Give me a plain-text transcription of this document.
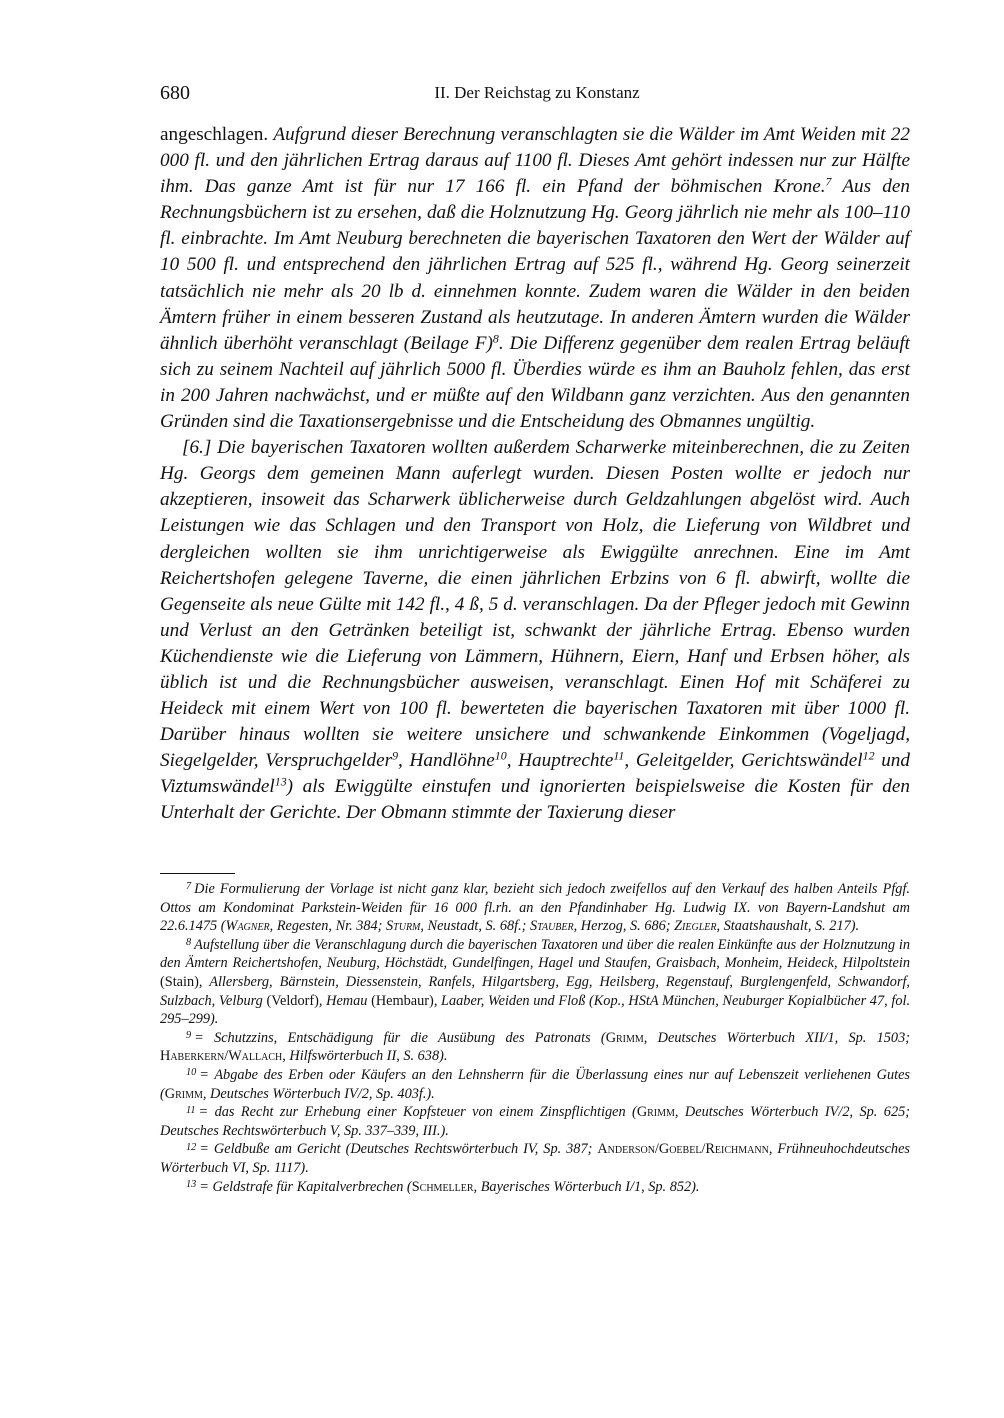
680	II. Der Reichstag zu Konstanz

angeschlagen. Aufgrund dieser Berechnung veranschlagten sie die Wälder im Amt Weiden mit 22 000 fl. und den jährlichen Ertrag daraus auf 1100 fl. Dieses Amt gehört indessen nur zur Hälfte ihm. Das ganze Amt ist für nur 17 166 fl. ein Pfand der böhmischen Krone.$^7$ Aus den Rechnungsbüchern ist zu ersehen, daß die Holznutzung Hg. Georg jährlich nie mehr als 100–110 fl. einbrachte. Im Amt Neuburg berechneten die bayerischen Taxatoren den Wert der Wälder auf 10 500 fl. und entsprechend den jährlichen Ertrag auf 525 fl., während Hg. Georg seinerzeit tatsächlich nie mehr als 20 lb d. einnehmen konnte. Zudem waren die Wälder in den beiden Ämtern früher in einem besseren Zustand als heutzutage. In anderen Ämtern wurden die Wälder ähnlich überhöht veranschlagt (Beilage F)$^8$. Die Differenz gegenüber dem realen Ertrag beläuft sich zu seinem Nachteil auf jährlich 5000 fl. Überdies würde es ihm an Bauholz fehlen, das erst in 200 Jahren nachwächst, und er müßte auf den Wildbann ganz verzichten. Aus den genannten Gründen sind die Taxationsergebnisse und die Entscheidung des Obmannes ungültig.

[6.] Die bayerischen Taxatoren wollten außerdem Scharwerke miteinberechnen, die zu Zeiten Hg. Georgs dem gemeinen Mann auferlegt wurden. Diesen Posten wollte er jedoch nur akzeptieren, insoweit das Scharwerk üblicherweise durch Geldzahlungen abgelöst wird. Auch Leistungen wie das Schlagen und den Transport von Holz, die Lieferung von Wildbret und dergleichen wollten sie ihm unrichtigerweise als Ewiggülte anrechnen. Eine im Amt Reichertshofen gelegene Taverne, die einen jährlichen Erbzins von 6 fl. abwirft, wollte die Gegenseite als neue Gülte mit 142 fl., 4 ß, 5 d. veranschlagen. Da der Pfleger jedoch mit Gewinn und Verlust an den Getränken beteiligt ist, schwankt der jährliche Ertrag. Ebenso wurden Küchendienste wie die Lieferung von Lämmern, Hühnern, Eiern, Hanf und Erbsen höher, als üblich ist und die Rechnungsbücher ausweisen, veranschlagt. Einen Hof mit Schäferei zu Heideck mit einem Wert von 100 fl. bewerteten die bayerischen Taxatoren mit über 1000 fl. Darüber hinaus wollten sie weitere unsichere und schwankende Einkommen (Vogeljagd, Siegelgelder, Verspruchgelder$^9$, Handlöhne$^{10}$, Hauptrechte$^{11}$, Geleitgelder, Gerichtswändel$^{12}$ und Viztumswändel$^{13}$) als Ewiggülte einstufen und ignorierten beispielsweise die Kosten für den Unterhalt der Gerichte. Der Obmann stimmte der Taxierung dieser

$^7$ Die Formulierung der Vorlage ist nicht ganz klar, bezieht sich jedoch zweifellos auf den Verkauf des halben Anteils Pfgf. Ottos am Kondominat Parkstein-Weiden für 16 000 fl.rh. an den Pfandinhaber Hg. Ludwig IX. von Bayern-Landshut am 22.6.1475 (Wagner, Regesten, Nr. 384; Sturm, Neustadt, S. 68f.; Stauber, Herzog, S. 686; Ziegler, Staatshaushalt, S. 217).

$^8$ Aufstellung über die Veranschlagung durch die bayerischen Taxatoren und über die realen Einkünfte aus der Holznutzung in den Ämtern Reichertshofen, Neuburg, Höchstädt, Gundelfingen, Hagel und Staufen, Graisbach, Monheim, Heideck, Hilpoltstein (Stain), Allersberg, Bärnstein, Diessenstein, Ranfels, Hilgartsberg, Egg, Heilsberg, Regenstauf, Burglengenfeld, Schwandorf, Sulzbach, Velburg (Veldorf), Hemau (Hembaur), Laaber, Weiden und Floß (Kop., HStA München, Neuburger Kopialbücher 47, fol. 295–299).

$^9$ = Schutzzins, Entschädigung für die Ausübung des Patronats (Grimm, Deutsches Wörterbuch XII/1, Sp. 1503; Haberkern/Wallach, Hilfswörterbuch II, S. 638).

$^{10}$ = Abgabe des Erben oder Käufers an den Lehnsherrn für die Überlassung eines nur auf Lebenszeit verliehenen Gutes (Grimm, Deutsches Wörterbuch IV/2, Sp. 403f.).

$^{11}$ = das Recht zur Erhebung einer Kopfsteuer von einem Zinspflichtigen (Grimm, Deutsches Wörterbuch IV/2, Sp. 625; Deutsches Rechtswörterbuch V, Sp. 337–339, III.).

$^{12}$ = Geldbuße am Gericht (Deutsches Rechtswörterbuch IV, Sp. 387; Anderson/Goebel/Reichmann, Frühneuhochdeutsches Wörterbuch VI, Sp. 1117).

$^{13}$ = Geldstrafe für Kapitalverbrechen (Schmeller, Bayerisches Wörterbuch I/1, Sp. 852).
